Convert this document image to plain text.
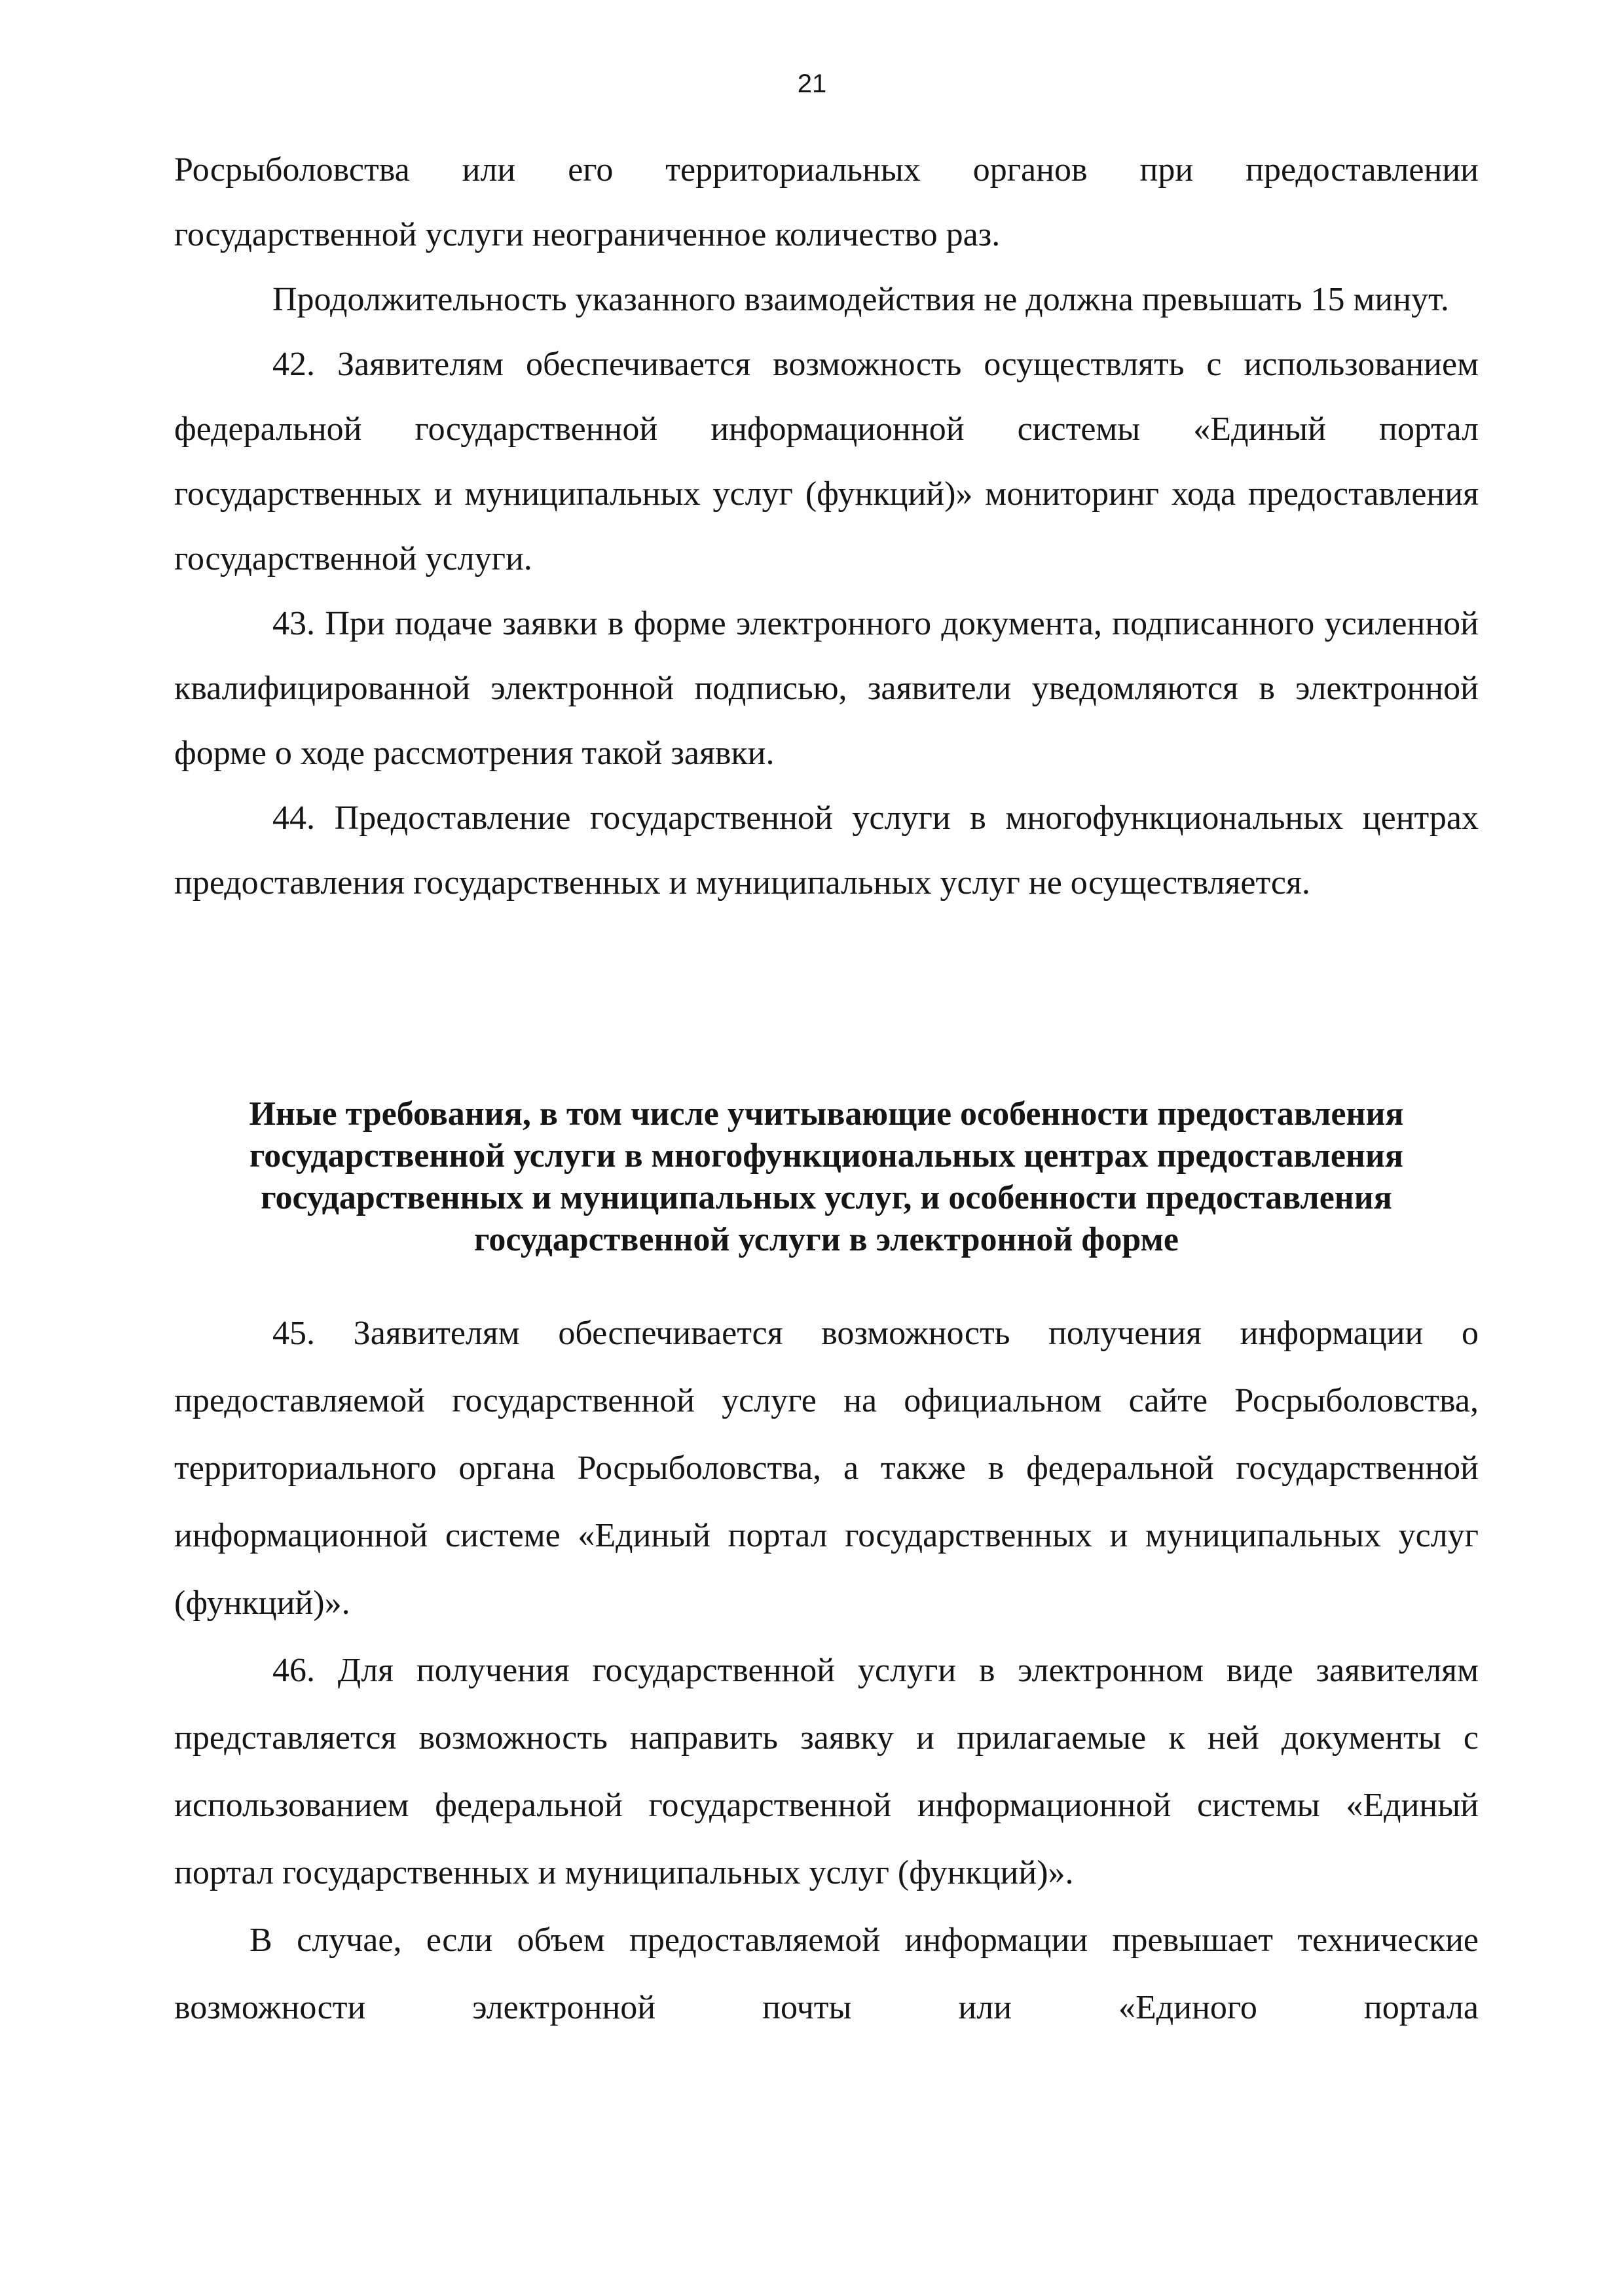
21

Росрыболовства или его территориальных органов при предоставлении

государственной услуги неограниченное количество раз.

Продолжительность указанного взаимодействия не должна превышать 15 минут.

42. Заявителям обеспечивается возможность осуществлять с использованием федеральной государственной информационной системы «Единый портал государственных и муниципальных услуг (функций)» мониторинг хода предоставления государственной услуги.

43. При подаче заявки в форме электронного документа, подписанного усиленной квалифицированной электронной подписью, заявители уведомляются в электронной форме о ходе рассмотрения такой заявки.

44. Предоставление государственной услуги в многофункциональных центрах предоставления государственных и муниципальных услуг не осуществляется.

Иные требования, в том числе учитывающие особенности предоставления
государственной услуги в многофункциональных центрах предоставления
государственных и муниципальных услуг, и особенности предоставления
государственной услуги в электронной форме

45. Заявителям обеспечивается возможность получения информации о предоставляемой государственной услуге на официальном сайте Росрыболовства, территориального органа Росрыболовства, а также в федеральной государственной информационной системе «Единый портал государственных и муниципальных услуг (функций)».

46. Для получения государственной услуги в электронном виде заявителям представляется возможность направить заявку и прилагаемые к ней документы с использованием федеральной государственной информационной системы «Единый портал государственных и муниципальных услуг (функций)».

В случае, если объем предоставляемой информации превышает технические возможности электронной почты или «Единого портала
